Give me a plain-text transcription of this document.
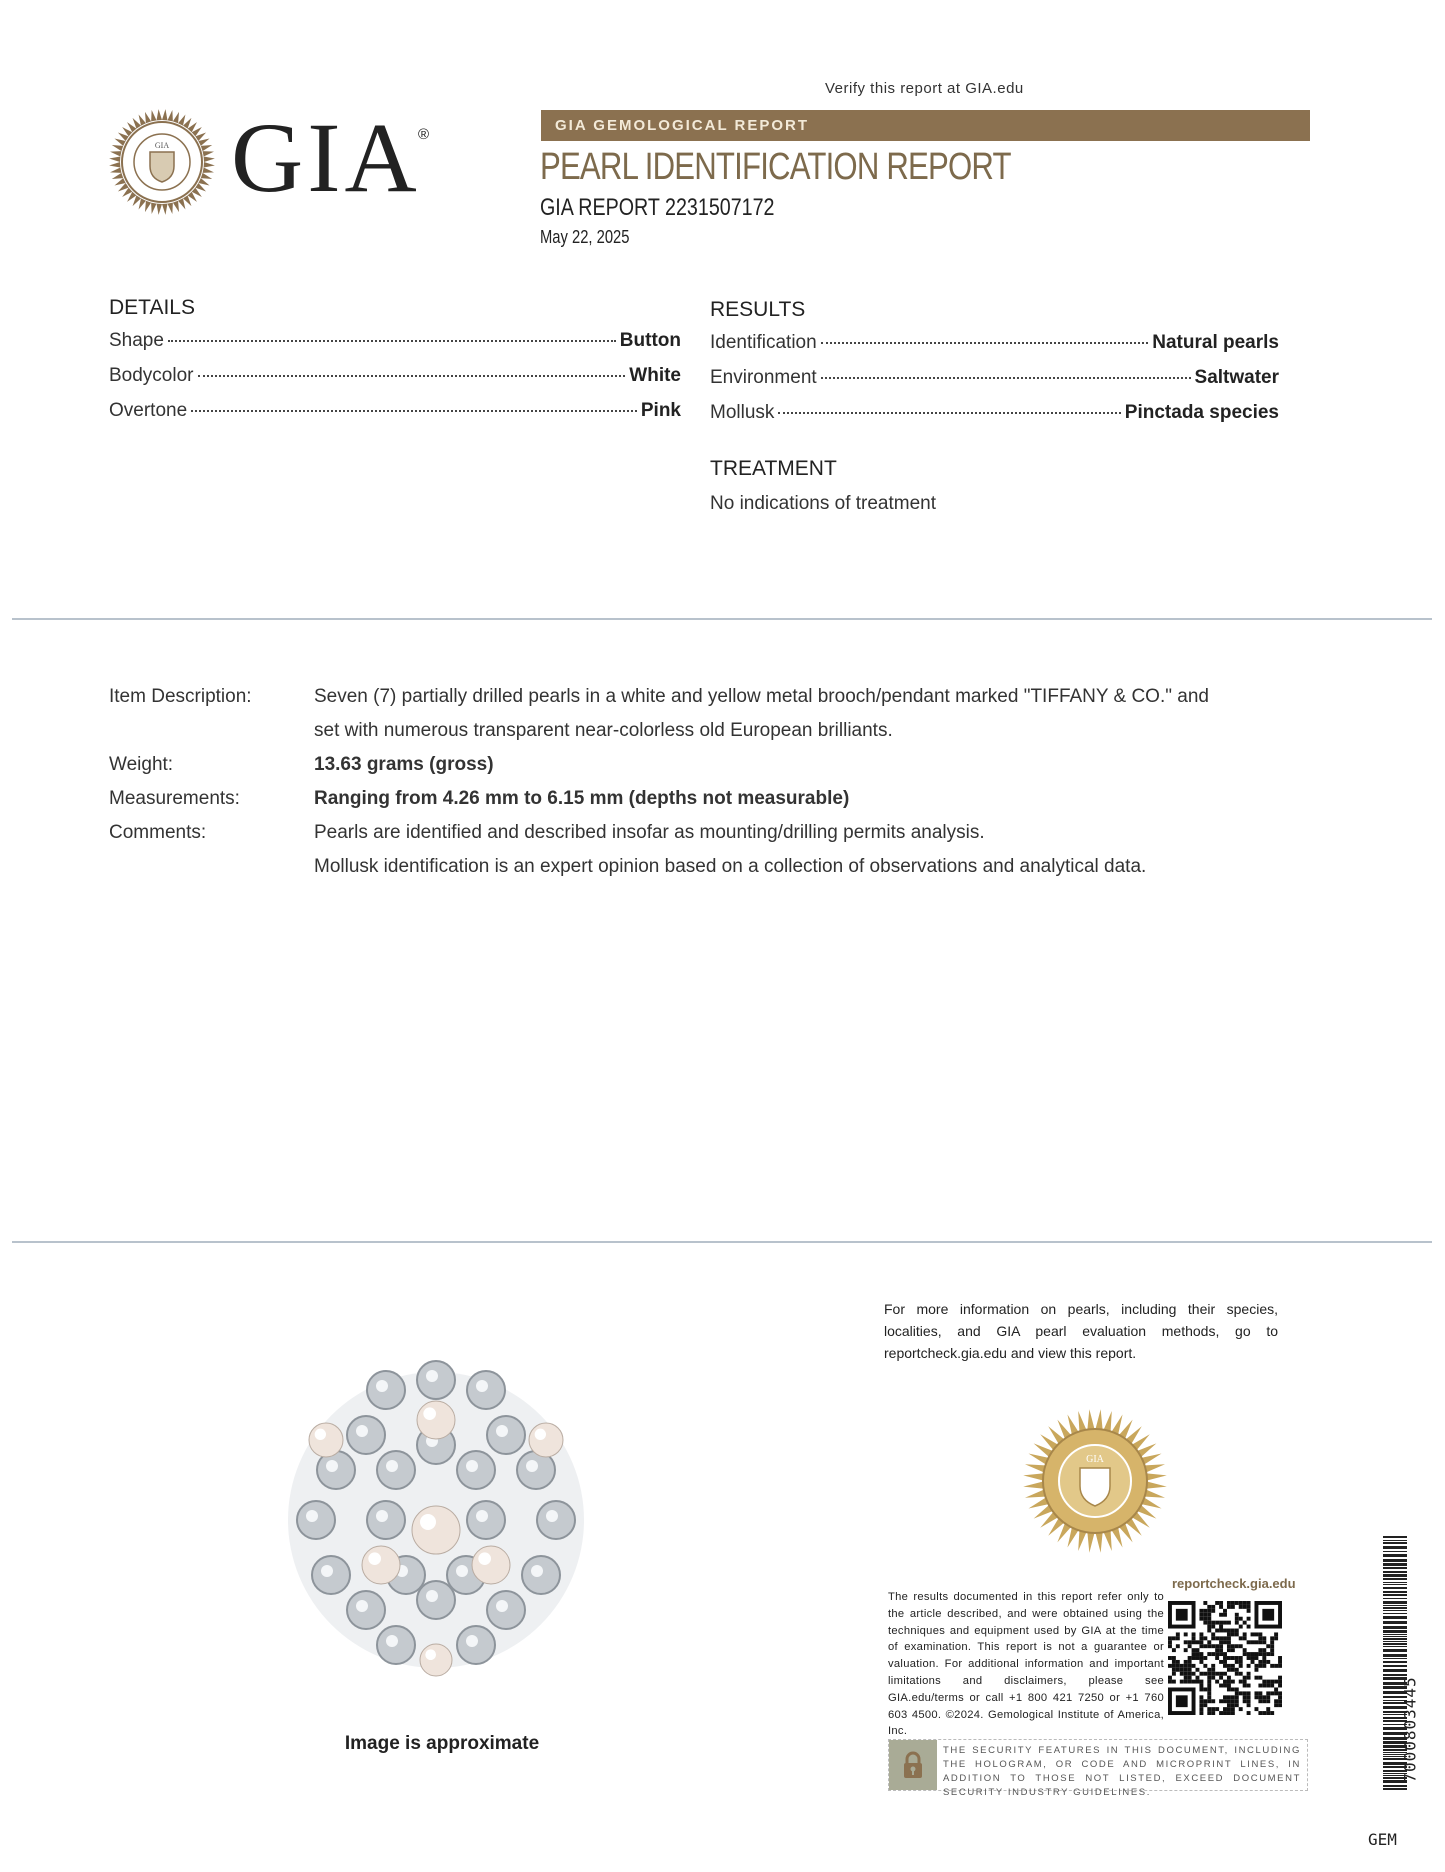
Verify this report at GIA.edu
GIA GIA
®
GIA GEMOLOGICAL REPORT
PEARL IDENTIFICATION REPORT
GIA REPORT 2231507172
May 22, 2025
DETAILS
Shape	Button
Bodycolor	White
Overtone	Pink
RESULTS
Identification	Natural pearls
Environment	Saltwater
Mollusk	Pinctada species
TREATMENT
No indications of treatment
Item Description:	Seven (7) partially drilled pearls in a white and yellow metal brooch/pendant marked "TIFFANY & CO." and
set with numerous transparent near-colorless old European brilliants.
Weight:	13.63 grams (gross)
Measurements:	Ranging from 4.26 mm to 6.15 mm (depths not measurable)
Comments:	Pearls are identified and described insofar as mounting/drilling permits analysis.
Mollusk identification is an expert opinion based on a collection of observations and analytical data.
Image is approximate
For more information on pearls, including their species, localities, and GIA pearl evaluation methods, go to reportcheck.gia.edu and view this report.
GIA
reportcheck.gia.edu
The results documented in this report refer only to the article described, and were obtained using the techniques and equipment used by GIA at the time of examination. This report is not a guarantee or valuation. For additional information and important limitations and disclaimers, please see GIA.edu/terms or call +1 800 421 7250 or +1 760 603 4500. ©2024. Gemological Institute of America, Inc.
THE SECURITY FEATURES IN THIS DOCUMENT, INCLUDING THE HOLOGRAM, OR CODE AND MICROPRINT LINES, IN ADDITION TO THOSE NOT LISTED, EXCEED DOCUMENT SECURITY INDUSTRY GUIDELINES.
7000803445
GEM
